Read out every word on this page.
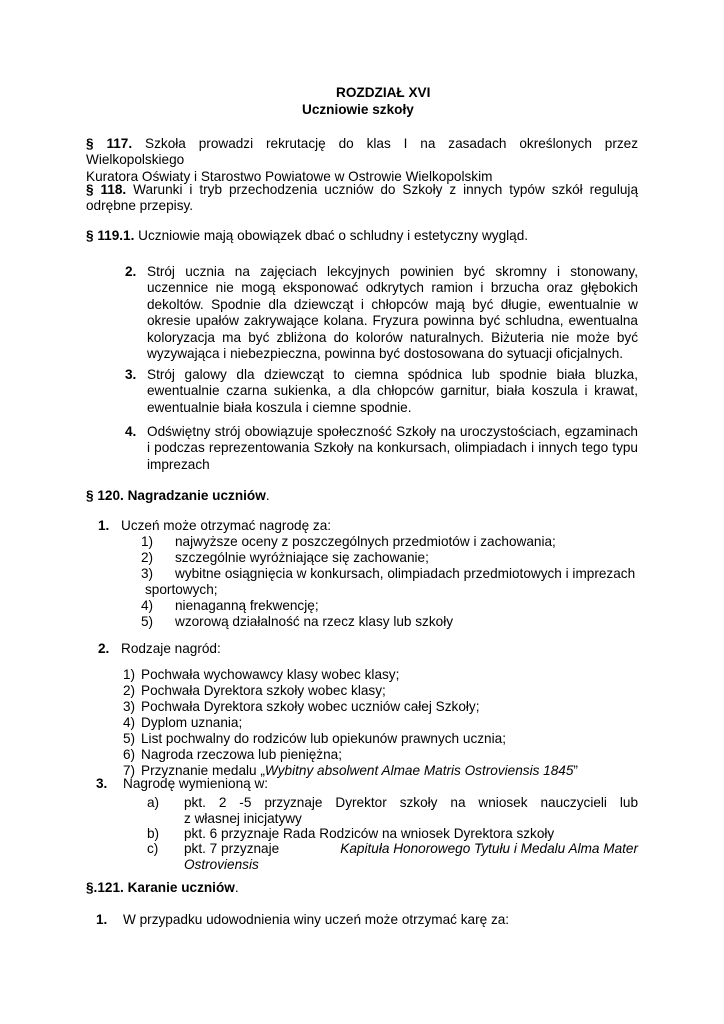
ROZDZIAŁ XVI
Uczniowie szkoły
§ 117. Szkoła prowadzi rekrutację do klas I na zasadach określonych przez Wielkopolskiego
Kuratora Oświaty i Starostwo Powiatowe w Ostrowie Wielkopolskim
§ 118. Warunki i tryb przechodzenia uczniów do Szkoły z innych typów szkół regulują
odrębne przepisy.
§ 119.1. Uczniowie mają obowiązek dbać o schludny i estetyczny wygląd.
2. Strój ucznia na zajęciach lekcyjnych powinien być skromny i stonowany,
uczennice nie mogą eksponować odkrytych ramion i brzucha oraz głębokich
dekoltów. Spodnie dla dziewcząt i chłopców mają być długie, ewentualnie w
okresie upałów zakrywające kolana. Fryzura powinna być schludna, ewentualna
koloryzacja ma być zbliżona do kolorów naturalnych. Biżuteria nie może być
wyzywająca i niebezpieczna, powinna być dostosowana do sytuacji oficjalnych.
3. Strój galowy dla dziewcząt to ciemna spódnica lub spodnie biała bluzka,
ewentualnie czarna sukienka, a dla chłopców garnitur, biała koszula i krawat,
ewentualnie biała koszula i ciemne spodnie.
4. Odświętny strój obowiązuje społeczność Szkoły na uroczystościach, egzaminach
i podczas reprezentowania Szkoły na konkursach, olimpiadach i innych tego typu
imprezach
§ 120. Nagradzanie uczniów.
1. Uczeń może otrzymać nagrodę za:
1) najwyższe oceny z poszczególnych przedmiotów i zachowania;
2) szczególnie wyróżniające się zachowanie;
3) wybitne osiągnięcia w konkursach, olimpiadach przedmiotowych i imprezach
sportowych;
4) nienaganną frekwencję;
5) wzorową działalność na rzecz klasy lub szkoły
2. Rodzaje nagród:
1) Pochwała wychowawcy klasy wobec klasy;
2) Pochwała Dyrektora szkoły wobec klasy;
3) Pochwała Dyrektora szkoły wobec uczniów całej Szkoły;
4) Dyplom uznania;
5) List pochwalny do rodziców lub opiekunów prawnych ucznia;
6) Nagroda rzeczowa lub pieniężna;
7) Przyznanie medalu „Wybitny absolwent Almae Matris Ostroviensis 1845”
3. Nagrodę wymienioną w:
a) pkt. 2 -5 przyznaje Dyrektor szkoły na wniosek nauczycieli lub
z własnej inicjatywy
b) pkt. 6 przyznaje Rada Rodziców na wniosek Dyrektora szkoły
c) pkt. 7 przyznaje	Kapituła Honorowego Tytułu i Medalu Alma Mater
Ostroviensis
§.121. Karanie uczniów.
1. W przypadku udowodnienia winy uczeń może otrzymać karę za:
